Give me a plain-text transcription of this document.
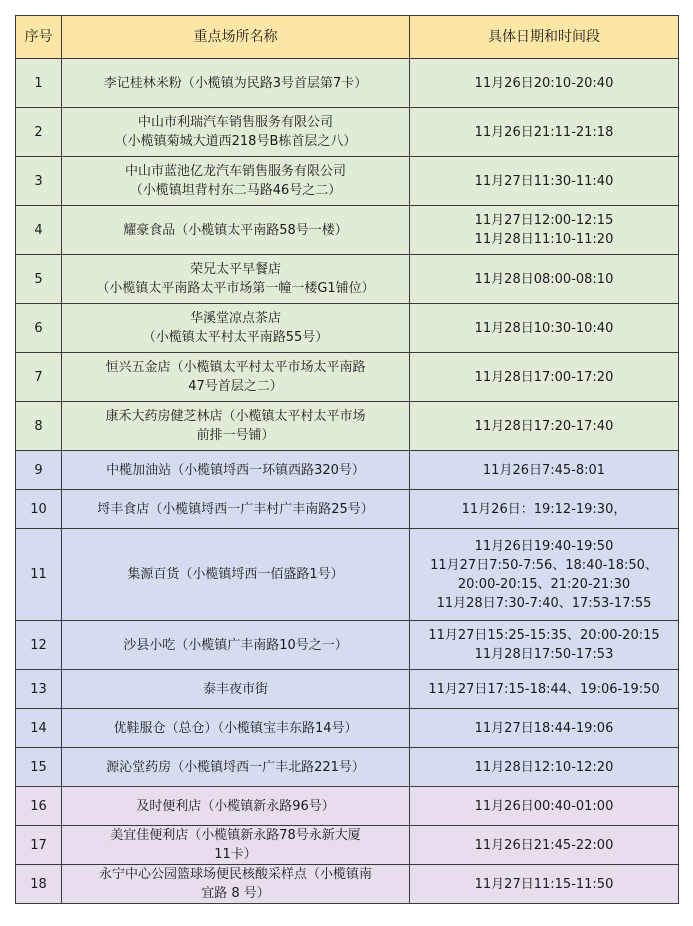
序号	重点场所名称	具体日期和时间段
1	李记桂林米粉（小榄镇为民路3号首层第7卡）	11月26日20:10-20:40

2	中山市利瑞汽车销售服务有限公司
（小榄镇菊城大道西218号B栋首层之八）	11月26日21:11-21:18

3	中山市蓝池亿龙汽车销售服务有限公司
（小榄镇坦背村东二马路46号之二）	11月27日11:30-11:40

4	耀豪食品（小榄镇太平南路58号一楼）	11月27日12:00-12:15
11月28日11:10-11:20

5	荣兄太平早餐店
（小榄镇太平南路太平市场第一幢一楼G1铺位）	11月28日08:00-08:10

6	华溪堂凉点茶店
（小榄镇太平村太平南路55号）	11月28日10:30-10:40

7	恒兴五金店（小榄镇太平村太平市场太平南路
47号首层之二）	11月28日17:00-17:20

8	康禾大药房健芝林店（小榄镇太平村太平市场
前排一号铺）	11月28日17:20-17:40

9	中榄加油站（小榄镇埒西一环镇西路320号）	11月26日7:45-8:01

10	埒丰食店（小榄镇埒西一广丰村广丰南路25号）	11月26日：19:12-19:30，

11	集源百货（小榄镇埒西一佰盛路1号）	11月26日19:40-19:50
11月27日7:50-7:56、18:40-18:50、
20:00-20:15、21:20-21:30
11月28日7:30-7:40、17:53-17:55

12	沙县小吃（小榄镇广丰南路10号之一）	11月27日15:25-15:35、20:00-20:15
11月28日17:50-17:53

13	泰丰夜市街	11月27日17:15-18:44、19:06-19:50

14	优鞋服仓（总仓）（小榄镇宝丰东路14号）	11月27日18:44-19:06

15	源沁堂药房（小榄镇埒西一广丰北路221号）	11月28日12:10-12:20

16	及时便利店（小榄镇新永路96号）	11月26日00:40-01:00

17	美宜佳便利店（小榄镇新永路78号永新大厦
11卡）	11月26日21:45-22:00

18	永宁中心公园篮球场便民核酸采样点（小榄镇南
宜路 8 号）	11月27日11:15-11:50
